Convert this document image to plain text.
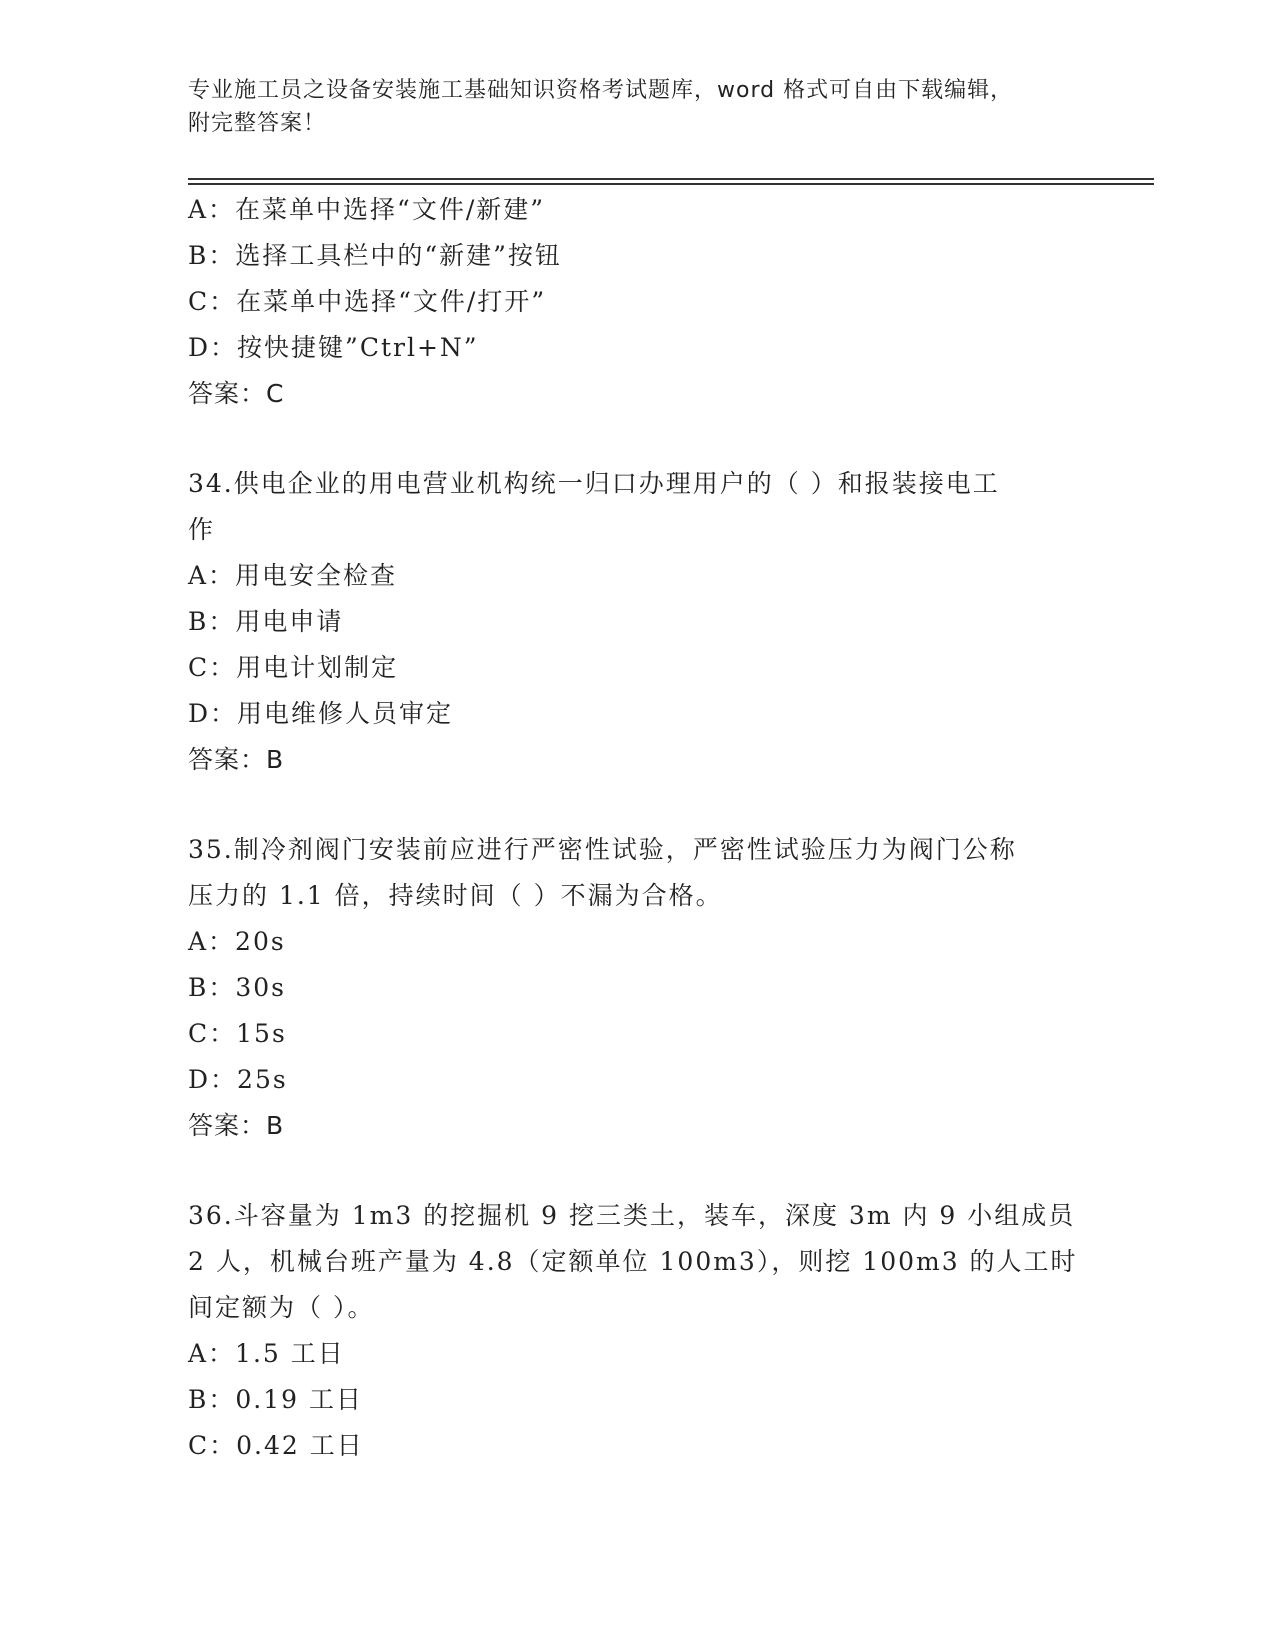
专业施工员之设备安装施工基础知识资格考试题库，word 格式可自由下载编辑，
附完整答案！
A：在菜单中选择“文件/新建”
B：选择工具栏中的“新建”按钮
C：在菜单中选择“文件/打开”
D：按快捷键”Ctrl+N”
答案：C
34.供电企业的用电营业机构统一归口办理用户的（ ）和报装接电工
作
A：用电安全检查
B：用电申请
C：用电计划制定
D：用电维修人员审定
答案：B
35.制冷剂阀门安装前应进行严密性试验，严密性试验压力为阀门公称
压力的 1.1 倍，持续时间（ ）不漏为合格。
A：20s
B：30s
C：15s
D：25s
答案：B
36.斗容量为 1m3 的挖掘机 9 挖三类土，装车，深度 3m 内 9 小组成员
2 人，机械台班产量为 4.8（定额单位 100m3），则挖 100m3 的人工时
间定额为（ ）。
A：1.5 工日
B：0.19 工日
C：0.42 工日
